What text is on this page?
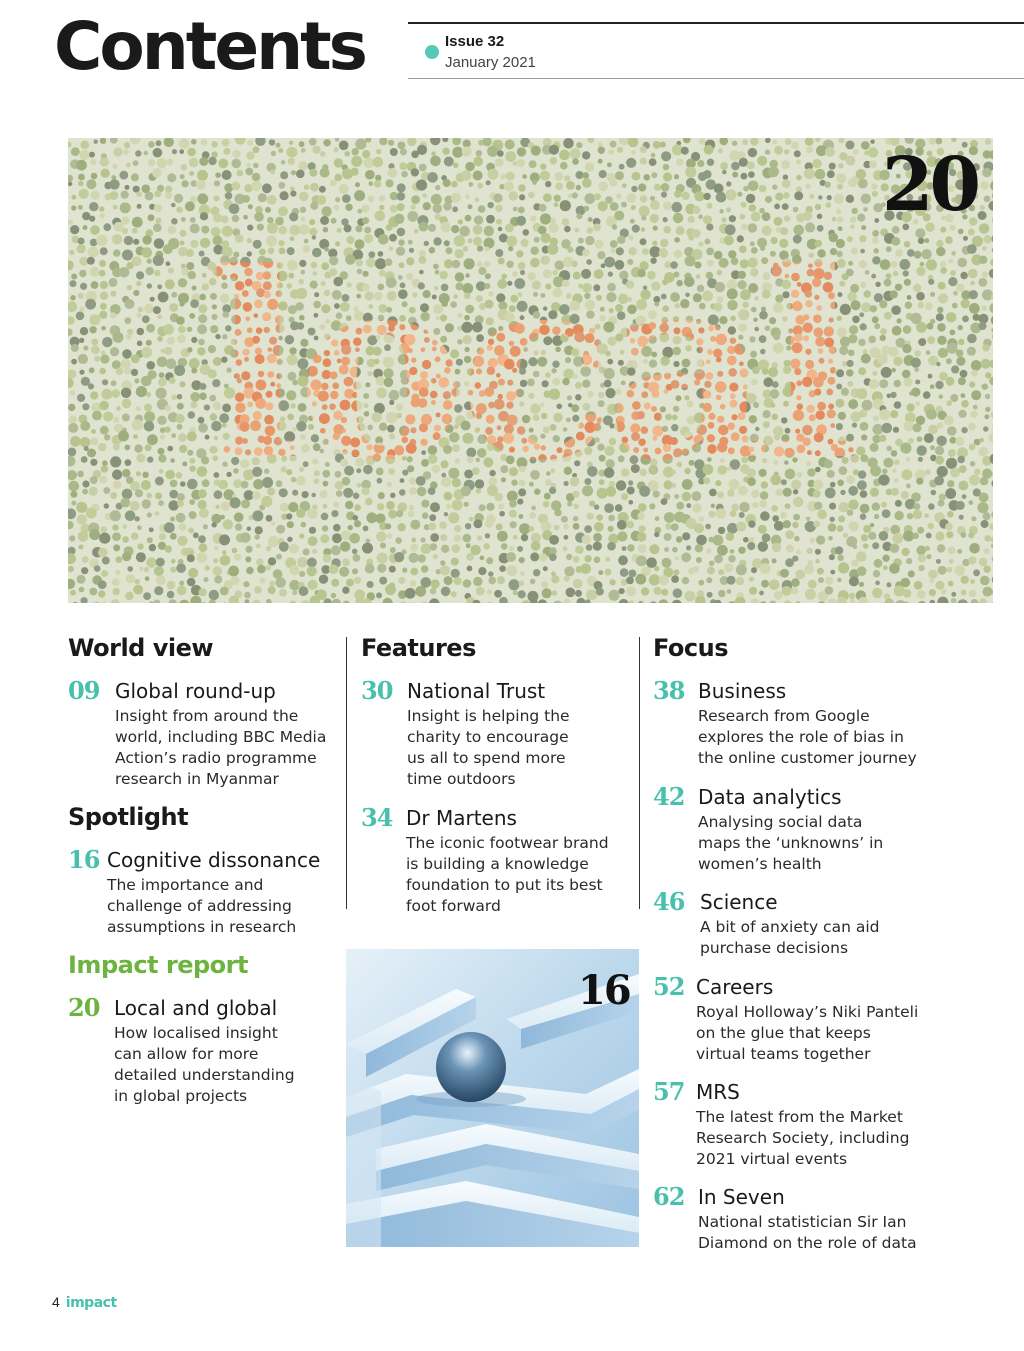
Contents	Issue 32
January 2021
local
20
World view
09 Global round-up
Insight from around the
world, including BBC Media
Action’s radio programme
research in Myanmar
Spotlight
16 Cognitive dissonance
The importance and
challenge of addressing
assumptions in research
Impact report
20 Local and global
How localised insight
can allow for more
detailed understanding
in global projects
Features
30 National Trust
Insight is helping the
charity to encourage
us all to spend more
time outdoors
34 Dr Martens
The iconic footwear brand
is building a knowledge
foundation to put its best
foot forward
16
Focus
38 Business
Research from Google
explores the role of bias in
the online customer journey
42 Data analytics
Analysing social data
maps the ‘unknowns’ in
women’s health
46 Science
A bit of anxiety can aid
purchase decisions
52 Careers
Royal Holloway’s Niki Panteli
on the glue that keeps
virtual teams together
57 MRS
The latest from the Market
Research Society, including
2021 virtual events
62 In Seven
National statistician Sir Ian
Diamond on the role of data
4 impact
